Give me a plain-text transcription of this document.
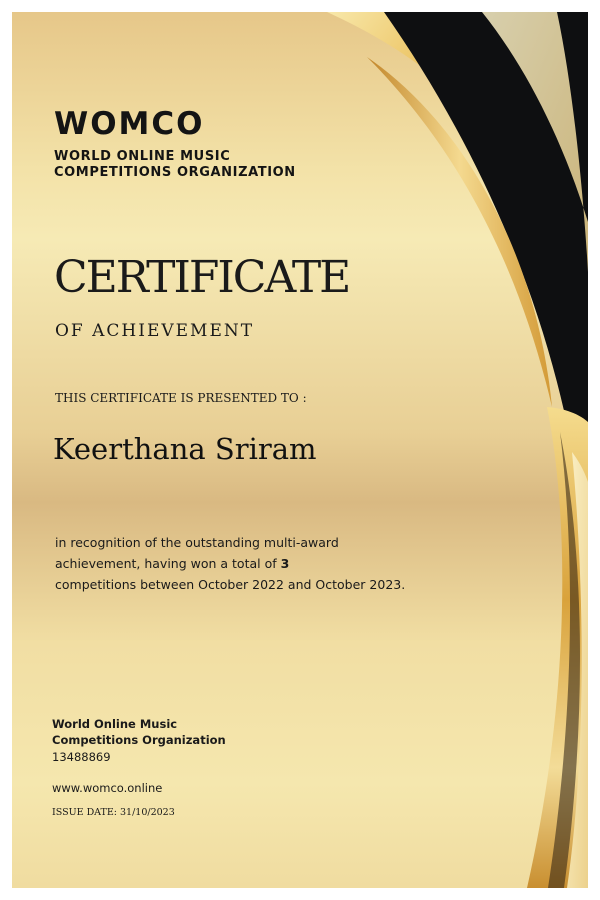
WOMCO
WORLD ONLINE MUSIC
COMPETITIONS ORGANIZATION
CERTIFICATE
OF ACHIEVEMENT
THIS CERTIFICATE IS PRESENTED TO :
Keerthana Sriram
in recognition of the outstanding multi-award
achievement, having won a total of 3
competitions between October 2022 and October 2023.
World Online Music
Competitions Organization
13488869
www.womco.online
ISSUE DATE: 31/10/2023
